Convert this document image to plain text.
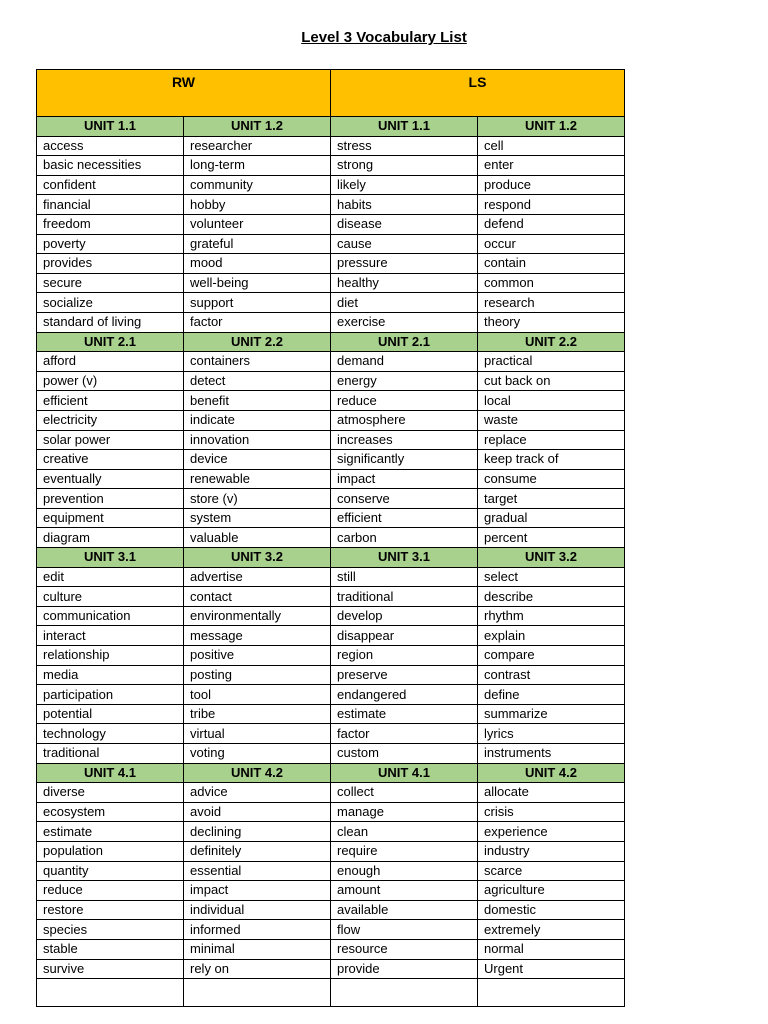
Level 3 Vocabulary List
RW		LS	
UNIT 1.1	UNIT 1.2	UNIT 1.1	UNIT 1.2
access	researcher	stress	cell
basic necessities	long-term	strong	enter
confident	community	likely	produce
financial	hobby	habits	respond
freedom	volunteer	disease	defend
poverty	grateful	cause	occur
provides	mood	pressure	contain
secure	well-being	healthy	common
socialize	support	diet	research
standard of living	factor	exercise	theory
UNIT 2.1	UNIT 2.2	UNIT 2.1	UNIT 2.2
afford	containers	demand	practical
power (v)	detect	energy	cut back on
efficient	benefit	reduce	local
electricity	indicate	atmosphere	waste
solar power	innovation	increases	replace
creative	device	significantly	keep track of
eventually	renewable	impact	consume
prevention	store (v)	conserve	target
equipment	system	efficient	gradual
diagram	valuable	carbon	percent
UNIT 3.1	UNIT 3.2	UNIT 3.1	UNIT 3.2
edit	advertise	still	select
culture	contact	traditional	describe
communication	environmentally	develop	rhythm
interact	message	disappear	explain
relationship	positive	region	compare
media	posting	preserve	contrast
participation	tool	endangered	define
potential	tribe	estimate	summarize
technology	virtual	factor	lyrics
traditional	voting	custom	instruments
UNIT 4.1	UNIT 4.2	UNIT 4.1	UNIT 4.2
diverse	advice	collect	allocate
ecosystem	avoid	manage	crisis
estimate	declining	clean	experience
population	definitely	require	industry
quantity	essential	enough	scarce
reduce	impact	amount	agriculture
restore	individual	available	domestic
species	informed	flow	extremely
stable	minimal	resource	normal
survive	rely on	provide	Urgent
